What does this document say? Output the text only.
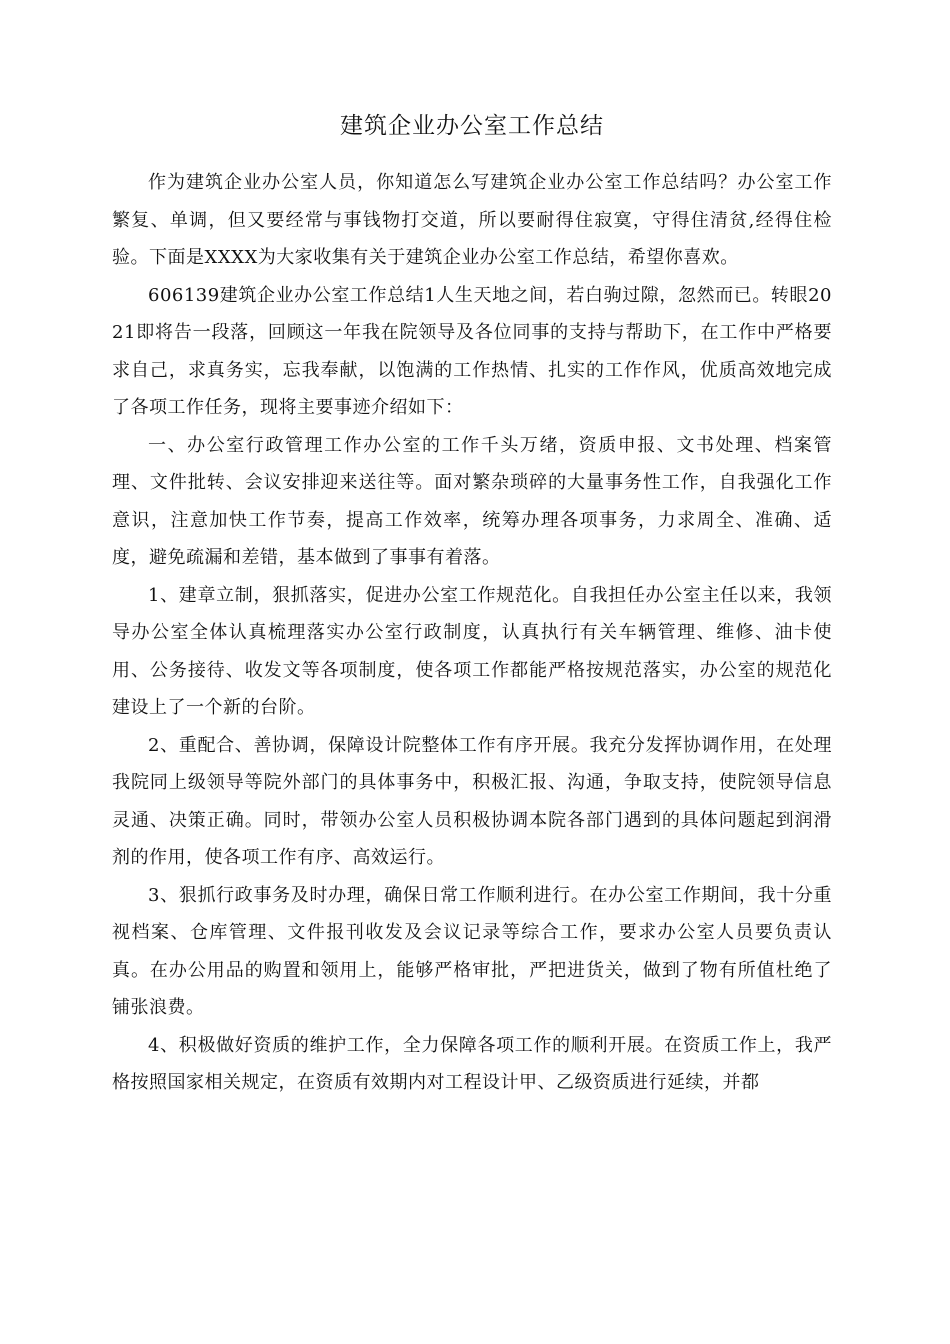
建筑企业办公室工作总结

作为建筑企业办公室人员，你知道怎么写建筑企业办公室工作总结吗？办公室工作繁复、单调，但又要经常与事钱物打交道，所以要耐得住寂寞，守得住清贫,经得住检验。下面是XXXX为大家收集有关于建筑企业办公室工作总结，希望你喜欢。

606139建筑企业办公室工作总结1人生天地之间，若白驹过隙，忽然而已。转眼2021即将告一段落，回顾这一年我在院领导及各位同事的支持与帮助下，在工作中严格要求自己，求真务实，忘我奉献，以饱满的工作热情、扎实的工作作风，优质高效地完成了各项工作任务，现将主要事迹介绍如下：

一、办公室行政管理工作办公室的工作千头万绪，资质申报、文书处理、档案管理、文件批转、会议安排迎来送往等。面对繁杂琐碎的大量事务性工作，自我强化工作意识，注意加快工作节奏，提高工作效率，统筹办理各项事务，力求周全、准确、适度，避免疏漏和差错，基本做到了事事有着落。

1、建章立制，狠抓落实，促进办公室工作规范化。自我担任办公室主任以来，我领导办公室全体认真梳理落实办公室行政制度，认真执行有关车辆管理、维修、油卡使用、公务接待、收发文等各项制度，使各项工作都能严格按规范落实，办公室的规范化建设上了一个新的台阶。

2、重配合、善协调，保障设计院整体工作有序开展。我充分发挥协调作用，在处理我院同上级领导等院外部门的具体事务中，积极汇报、沟通，争取支持，使院领导信息灵通、决策正确。同时，带领办公室人员积极协调本院各部门遇到的具体问题起到润滑剂的作用，使各项工作有序、高效运行。

3、狠抓行政事务及时办理，确保日常工作顺利进行。在办公室工作期间，我十分重视档案、仓库管理、文件报刊收发及会议记录等综合工作，要求办公室人员要负责认真。在办公用品的购置和领用上，能够严格审批，严把进货关，做到了物有所值杜绝了铺张浪费。

4、积极做好资质的维护工作，全力保障各项工作的顺利开展。在资质工作上，我严格按照国家相关规定，在资质有效期内对工程设计甲、乙级资质进行延续，并都
